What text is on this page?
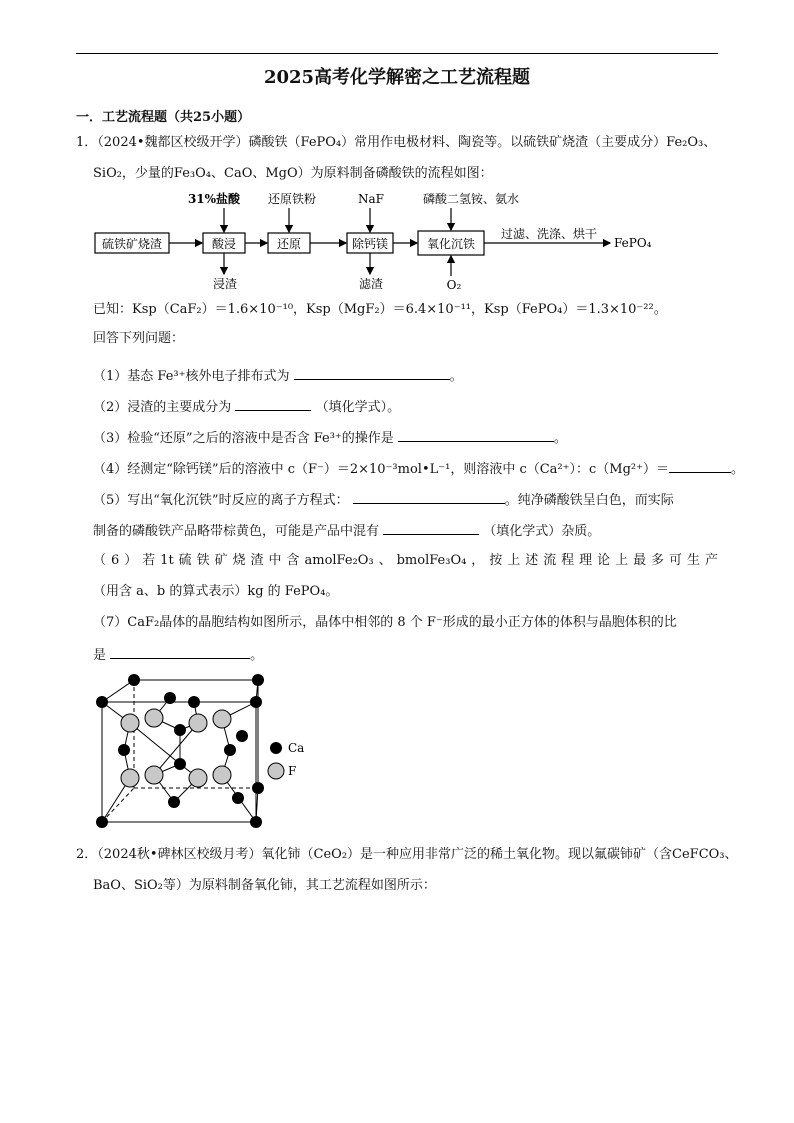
2025高考化学解密之工艺流程题
一．工艺流程题（共25小题）
1．（2024•魏都区校级开学）磷酸铁（FePO₄）常用作电极材料、陶瓷等。以硫铁矿烧渣（主要成分）Fe₂O₃、
SiO₂，少量的Fe₃O₄、CaO、MgO）为原料制备磷酸铁的流程如图：
硫铁矿烧渣	酸浸	还原	除钙镁	氧化沉铁
31%盐酸 还原铁粉	NaF	磷酸二氢铵、氨水
浸渣	滤渣	O₂
过滤、洗涤、烘干
FePO₄
已知：Ksp（CaF₂）＝1.6×10⁻¹⁰，Ksp（MgF₂）＝6.4×10⁻¹¹，Ksp（FePO₄）＝1.3×10⁻²²。
回答下列问题：
（1）基态 Fe³⁺核外电子排布式为	。
（2）浸渣的主要成分为	（填化学式）。
（3）检验“还原”之后的溶液中是否含 Fe³⁺的操作是	。
（4）经测定“除钙镁”后的溶液中 c（F⁻）＝2×10⁻³mol•L⁻¹，则溶液中 c（Ca²⁺）：c（Mg²⁺）＝	。
（5）写出“氧化沉铁”时反应的离子方程式：	。纯净磷酸铁呈白色，而实际
制备的磷酸铁产品略带棕黄色，可能是产品中混有	（填化学式）杂质。
（6）若1t硫铁矿烧渣中含amolFe₂O₃、bmolFe₃O₄，按上述流程理论上最多可生产
（用含 a、b 的算式表示）kg 的 FePO₄。
（7）CaF₂晶体的晶胞结构如图所示，晶体中相邻的 8 个 F⁻形成的最小正方体的体积与晶胞体积的比
是	。
Ca
F
2．（2024秋•碑林区校级月考）氧化铈（CeO₂）是一种应用非常广泛的稀土氧化物。现以氟碳铈矿（含CeFCO₃、
BaO、SiO₂等）为原料制备氧化铈，其工艺流程如图所示：
